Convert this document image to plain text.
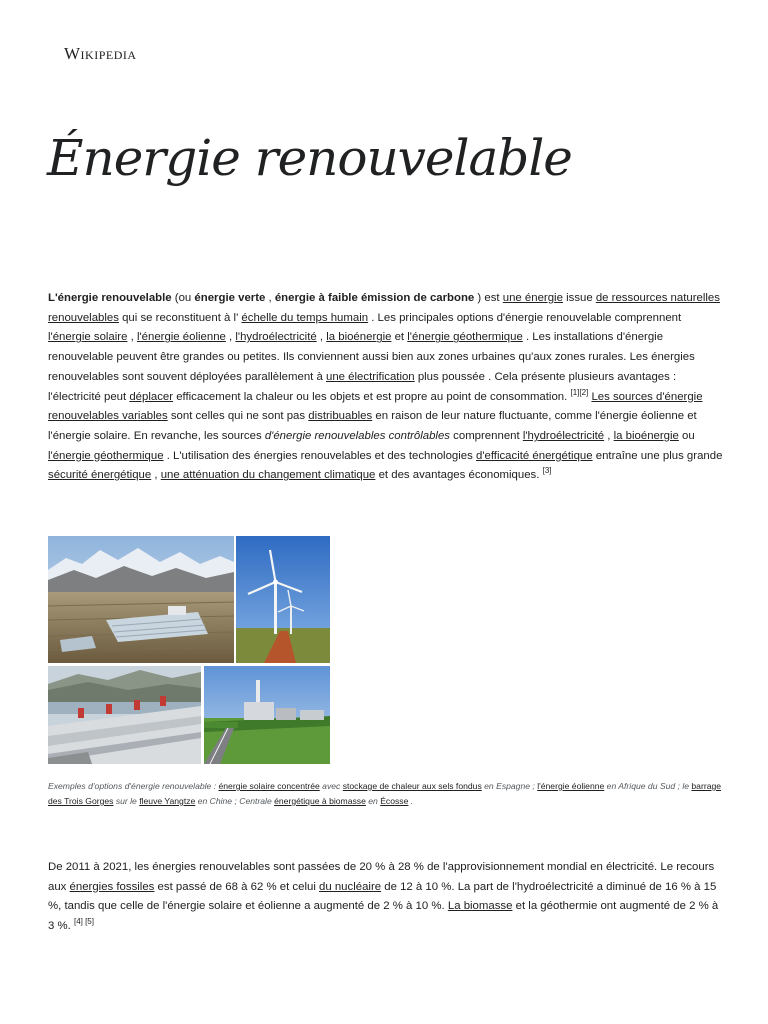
Wikipedia
Énergie renouvelable

L'énergie renouvelable (ou énergie verte , énergie à faible émission de carbone ) est une énergie issue de ressources naturelles renouvelables qui se reconstituent à l' échelle du temps humain . Les principales options d'énergie renouvelable comprennent l'énergie solaire , l'énergie éolienne , l'hydroélectricité , la bioénergie et l'énergie géothermique . Les installations d'énergie renouvelable peuvent être grandes ou petites. Ils conviennent aussi bien aux zones urbaines qu'aux zones rurales. Les énergies renouvelables sont souvent déployées parallèlement à une électrification plus poussée . Cela présente plusieurs avantages : l'électricité peut déplacer efficacement la chaleur ou les objets et est propre au point de consommation. [1][2] Les sources d'énergie renouvelables variables sont celles qui ne sont pas distribuables en raison de leur nature fluctuante, comme l'énergie éolienne et l'énergie solaire. En revanche, les sources d'énergie renouvelables contrôlables comprennent l'hydroélectricité , la bioénergie ou l'énergie géothermique . L'utilisation des énergies renouvelables et des technologies d'efficacité énergétique entraîne une plus grande sécurité énergétique , une atténuation du changement climatique et des avantages économiques. [3]

Exemples d'options d'énergie renouvelable : énergie solaire concentrée avec stockage de chaleur aux sels fondus en Espagne ; l'énergie éolienne en Afrique du Sud ; le barrage des Trois Gorges sur le fleuve Yangtze en Chine ; Centrale énergétique à biomasse en Écosse .

De 2011 à 2021, les énergies renouvelables sont passées de 20 % à 28 % de l'approvisionnement mondial en électricité. Le recours aux énergies fossiles est passé de 68 à 62 % et celui du nucléaire de 12 à 10 %. La part de l'hydroélectricité a diminué de 16 % à 15 %, tandis que celle de l'énergie solaire et éolienne a augmenté de 2 % à 10 %. La biomasse et la géothermie ont augmenté de 2 % à 3 %. [4] [5]
